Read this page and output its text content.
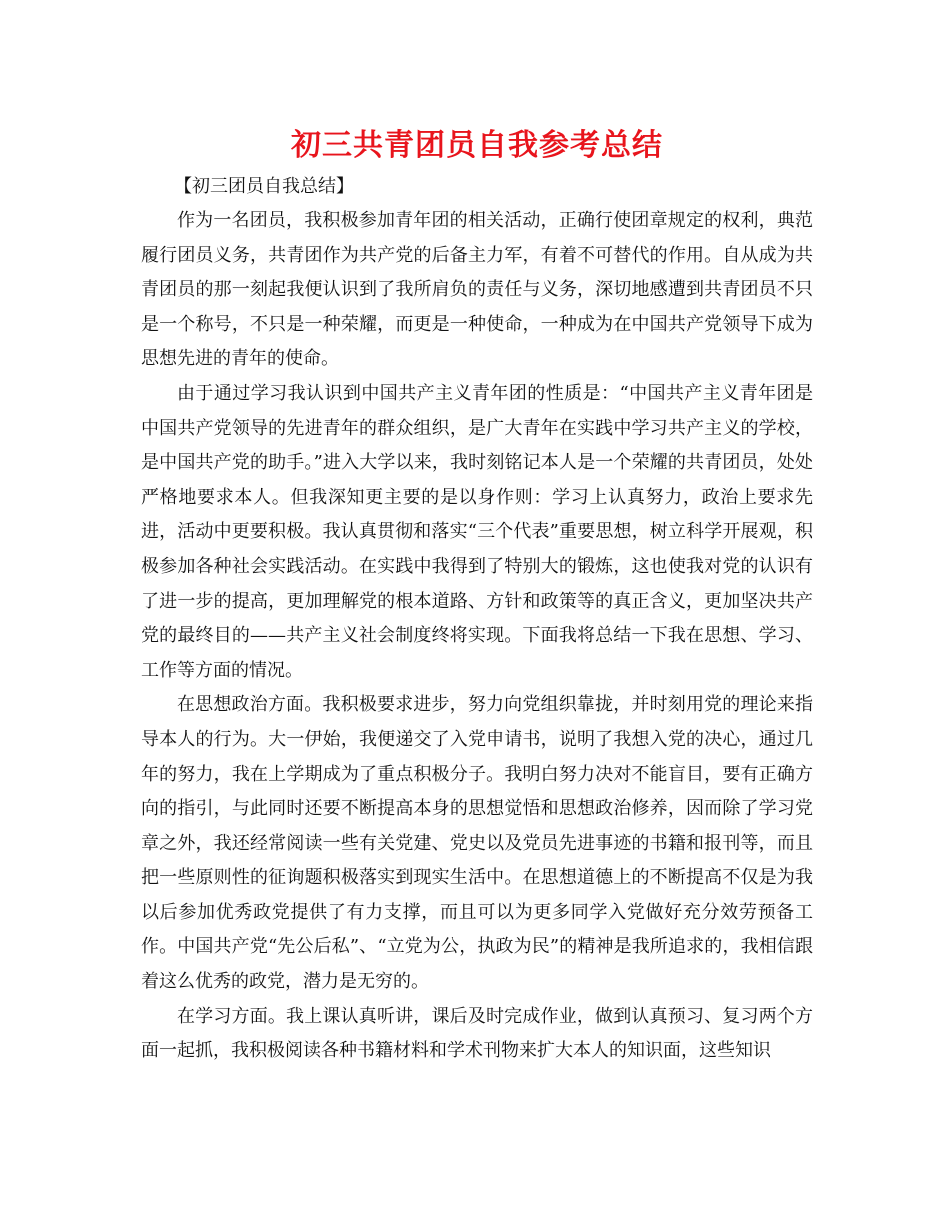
初三共青团员自我参考总结
【初三团员自我总结】

作为一名团员，我积极参加青年团的相关活动，正确行使团章规定的权利，典范履行团员义务，共青团作为共产党的后备主力军，有着不可替代的作用。自从成为共青团员的那一刻起我便认识到了我所肩负的责任与义务，深切地感遭到共青团员不只是一个称号，不只是一种荣耀，而更是一种使命，一种成为在中国共产党领导下成为思想先进的青年的使命。

由于通过学习我认识到中国共产主义青年团的性质是：“中国共产主义青年团是中国共产党领导的先进青年的群众组织，是广大青年在实践中学习共产主义的学校，是中国共产党的助手。”进入大学以来，我时刻铭记本人是一个荣耀的共青团员，处处严格地要求本人。但我深知更主要的是以身作则：学习上认真努力，政治上要求先进，活动中更要积极。我认真贯彻和落实“三个代表”重要思想，树立科学开展观，积极参加各种社会实践活动。在实践中我得到了特别大的锻炼，这也使我对党的认识有了进一步的提高，更加理解党的根本道路、方针和政策等的真正含义，更加坚决共产党的最终目的——共产主义社会制度终将实现。下面我将总结一下我在思想、学习、工作等方面的情况。

在思想政治方面。我积极要求进步，努力向党组织靠拢，并时刻用党的理论来指导本人的行为。大一伊始，我便递交了入党申请书，说明了我想入党的决心，通过几年的努力，我在上学期成为了重点积极分子。我明白努力决对不能盲目，要有正确方向的指引，与此同时还要不断提高本身的思想觉悟和思想政治修养，因而除了学习党章之外，我还经常阅读一些有关党建、党史以及党员先进事迹的书籍和报刊等，而且把一些原则性的征询题积极落实到现实生活中。在思想道德上的不断提高不仅是为我以后参加优秀政党提供了有力支撑，而且可以为更多同学入党做好充分效劳预备工作。中国共产党“先公后私”、“立党为公，执政为民”的精神是我所追求的，我相信跟着这么优秀的政党，潜力是无穷的。

在学习方面。我上课认真听讲，课后及时完成作业，做到认真预习、复习两个方面一起抓，我积极阅读各种书籍材料和学术刊物来扩大本人的知识面，这些知识
